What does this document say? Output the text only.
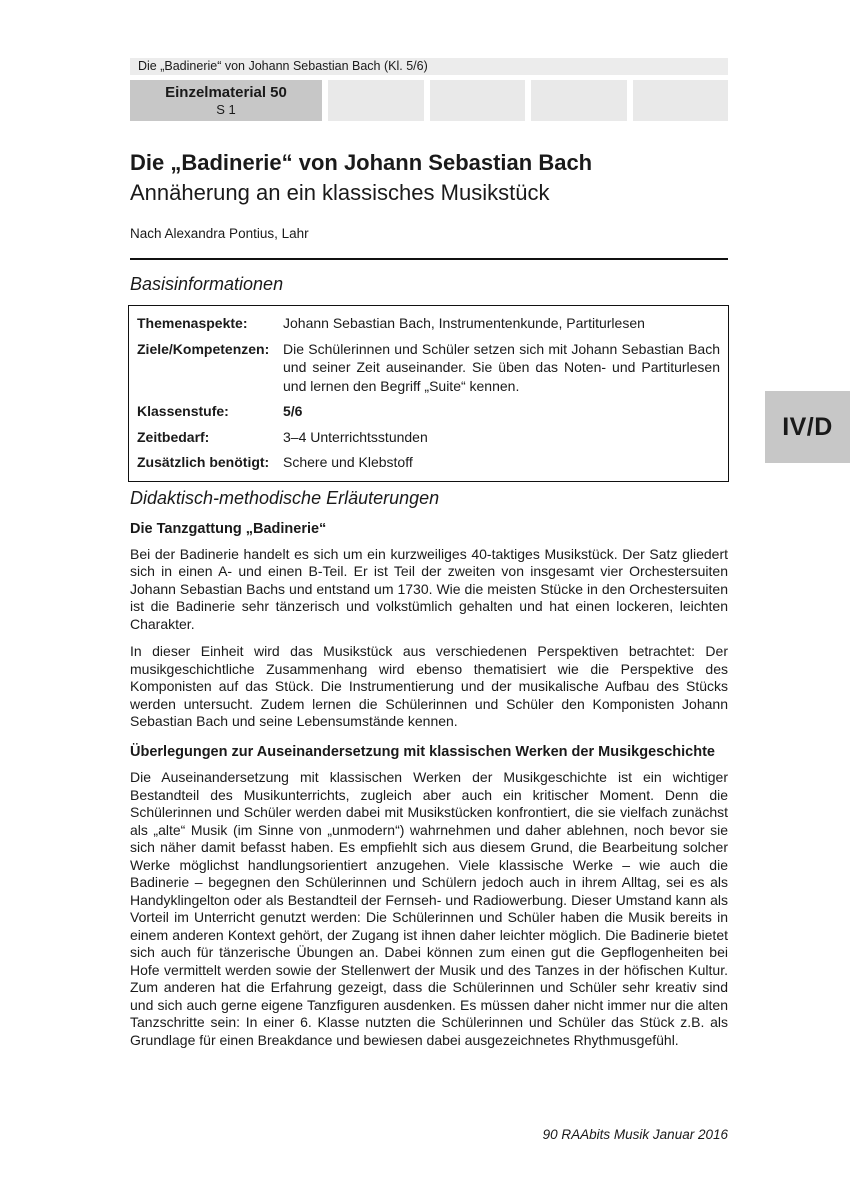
Die „Badinerie“ von Johann Sebastian Bach (Kl. 5/6)
Einzelmaterial 50
S 1
Die „Badinerie“ von Johann Sebastian Bach
Annäherung an ein klassisches Musikstück
Nach Alexandra Pontius, Lahr
Basisinformationen
Themenaspekte:	Johann Sebastian Bach, Instrumentenkunde, Partiturlesen
Ziele/Kompetenzen: Die Schülerinnen und Schüler setzen sich mit Johann Sebastian Bach und seiner Zeit auseinander. Sie üben das Noten- und Partiturlesen und lernen den Begriff „Suite“ kennen.
Klassenstufe:	5/6
Zeitbedarf:	3–4 Unterrichtsstunden
Zusätzlich benötigt: Schere und Klebstoff
IV/D
Didaktisch-methodische Erläuterungen
Die Tanzgattung „Badinerie“

Bei der Badinerie handelt es sich um ein kurzweiliges 40-taktiges Musikstück. Der Satz gliedert sich in einen A- und einen B-Teil. Er ist Teil der zweiten von insgesamt vier Orchestersuiten Johann Sebastian Bachs und entstand um 1730. Wie die meisten Stücke in den Orchestersuiten ist die Badinerie sehr tänzerisch und volkstümlich gehalten und hat einen lockeren, leichten Charakter.

In dieser Einheit wird das Musikstück aus verschiedenen Perspektiven betrachtet: Der musikgeschichtliche Zusammenhang wird ebenso thematisiert wie die Perspektive des Komponisten auf das Stück. Die Instrumentierung und der musikalische Aufbau des Stücks werden untersucht. Zudem lernen die Schülerinnen und Schüler den Komponisten Johann Sebastian Bach und seine Lebensumstände kennen.

Überlegungen zur Auseinandersetzung mit klassischen Werken der Musikgeschichte

Die Auseinandersetzung mit klassischen Werken der Musikgeschichte ist ein wichtiger Bestandteil des Musikunterrichts, zugleich aber auch ein kritischer Moment. Denn die Schülerinnen und Schüler werden dabei mit Musikstücken konfrontiert, die sie vielfach zunächst als „alte“ Musik (im Sinne von „unmodern“) wahrnehmen und daher ablehnen, noch bevor sie sich näher damit befasst haben. Es empfiehlt sich aus diesem Grund, die Bearbeitung solcher Werke möglichst handlungsorientiert anzugehen. Viele klassische Werke – wie auch die Badinerie – begegnen den Schülerinnen und Schülern jedoch auch in ihrem Alltag, sei es als Handyklingelton oder als Bestandteil der Fernseh- und Radiowerbung. Dieser Umstand kann als Vorteil im Unterricht genutzt werden: Die Schülerinnen und Schüler haben die Musik bereits in einem anderen Kontext gehört, der Zugang ist ihnen daher leichter möglich. Die Badinerie bietet sich auch für tänzerische Übungen an. Dabei können zum einen gut die Gepflogenheiten bei Hofe vermittelt werden sowie der Stellenwert der Musik und des Tanzes in der höfischen Kultur. Zum anderen hat die Erfahrung gezeigt, dass die Schülerinnen und Schüler sehr kreativ sind und sich auch gerne eigene Tanzfiguren ausdenken. Es müssen daher nicht immer nur die alten Tanzschritte sein: In einer 6. Klasse nutzten die Schülerinnen und Schüler das Stück z.B. als Grundlage für einen Breakdance und bewiesen dabei ausgezeichnetes Rhythmusgefühl.

90 RAAbits Musik Januar 2016
